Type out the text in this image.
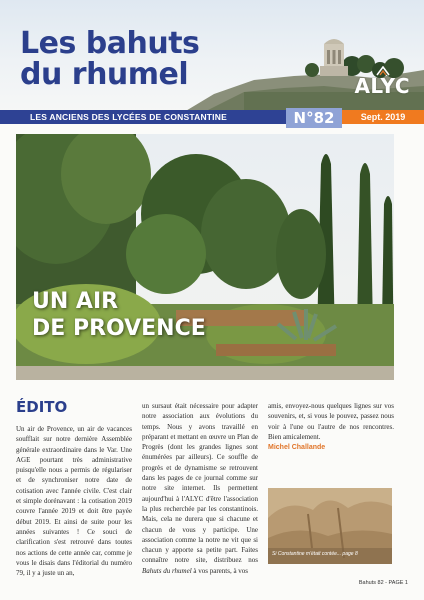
Les bahuts
du rhumel	ALYC
LES ANCIENS DES LYCÉES DE CONSTANTINE	N°82	Sept. 2019
UN AIR
DE PROVENCE
ÉDITO

Un air de Provence, un air de vacances soufflait sur notre dernière Assemblée générale extraordinaire dans le Var. Une AGE pourtant très administrative puisqu'elle nous a permis de régulariser et de synchroniser notre date de cotisation avec l'année civile. C'est clair et simple dorénavant : la cotisation 2019 couvre l'année 2019 et doit être payée début 2019. Et ainsi de suite pour les années suivantes ! Ce souci de clarification s'est retrouvé dans toutes nos actions de cette année car, comme je vous le disais dans l'éditorial du numéro 79, il y a juste un an,

un sursaut était nécessaire pour adapter notre association aux évolutions du temps. Nous y avons travaillé en préparant et mettant en œuvre un Plan de Progrès (dont les grandes lignes sont énumérées par ailleurs). Ce souffle de progrès et de dynamisme se retrouvent dans les pages de ce journal comme sur notre site internet. Ils permettent aujourd'hui à l'ALYC d'être l'association la plus recherchée par les constantinois. Mais, cela ne durera que si chacune et chacun de vous y participe. Une association comme la notre ne vit que si chacun y apporte sa petite part. Faites connaître notre site, distribuez nos Bahuts du rhumel à vos parents, à vos

amis, envoyez-nous quelques lignes sur vos souvenirs, et, si vous le pouvez, passez nous voir à l'une ou l'autre de nos rencontres. Bien amicalement.

Michel Challande
Si Constantine m'était contée... page 8
Bahuts 82 - PAGE 1
